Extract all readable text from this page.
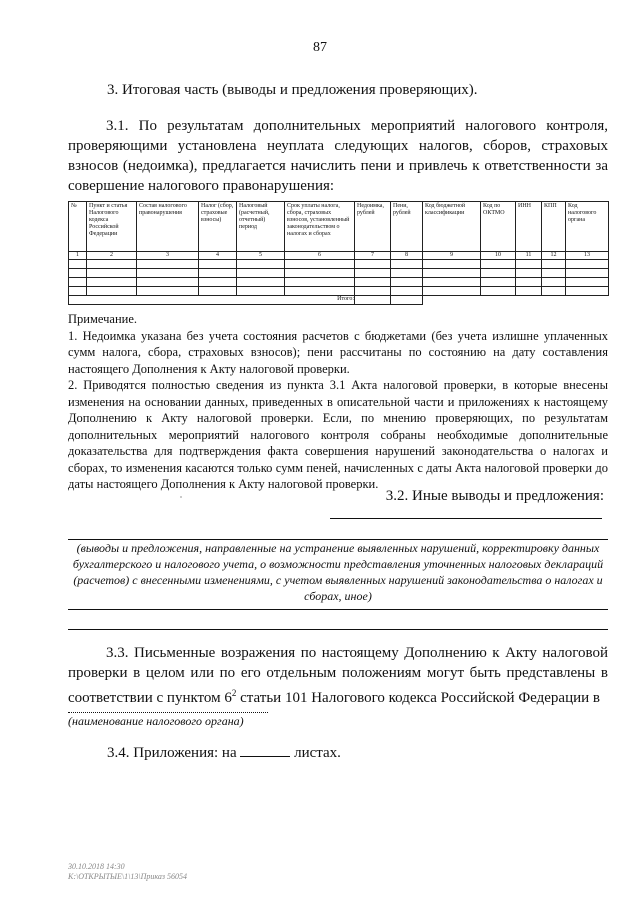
87
3. Итоговая часть (выводы и предложения проверяющих).
3.1. По результатам дополнительных мероприятий налогового контроля, проверяющими установлена неуплата следующих налогов, сборов, страховых взносов (недоимка), предлагается начислить пени и привлечь к ответственности за совершение налогового правонарушения:
№	Пункт и статья Налогового кодекса Российской Федерации	Состав налогового правонарушения	Налог (сбор, страховые взносы)	Налоговый (расчетный, отчетный) период	Срок уплаты налога, сбора, страховых взносов, установленный законодательством о налогах и сборах	Недоимка, рублей	Пени, рублей	Код бюджетной классификации	Код по ОКТМО	ИНН	КПП	Код налогового органа
1	2	3	4	5	6	7	8	9	10	11	12	13

Итого:												

Примечание.

1. Недоимка указана без учета состояния расчетов с бюджетами (без учета излишне уплаченных сумм налога, сбора, страховых взносов); пени рассчитаны по состоянию на дату составления настоящего Дополнения к Акту налоговой проверки.

2. Приводятся полностью сведения из пункта 3.1 Акта налоговой проверки, в которые внесены изменения на основании данных, приведенных в описательной части и приложениях к настоящему Дополнению к Акту налоговой проверки. Если, по мнению проверяющих, по результатам дополнительных мероприятий налогового контроля собраны необходимые дополнительные доказательства для подтверждения факта совершения нарушений законодательства о налогах и сборах, то изменения касаются только сумм пеней, начисленных с даты Акта налоговой проверки до даты настоящего Дополнения к Акту налоговой проверки.

3.2. Иные выводы и предложения:
(выводы и предложения, направленные на устранение выявленных нарушений, корректировку данных бухгалтерского и налогового учета, о возможности представления уточненных налоговых деклараций (расчетов) с внесенными изменениями, с учетом выявленных нарушений законодательства о налогах и сборах, иное)
3.3. Письменные возражения по настоящему Дополнению к Акту налоговой проверки в целом или по его отдельным положениям могут быть представлены в соответствии с пунктом $6^2$ статьи 101 Налогового кодекса Российской Федерации в
(наименование налогового органа)
3.4. Приложения: на	листах.
30.10.2018 14:30
К:\ОТКРЫТЫЕ\1\13\Приказ 56054
